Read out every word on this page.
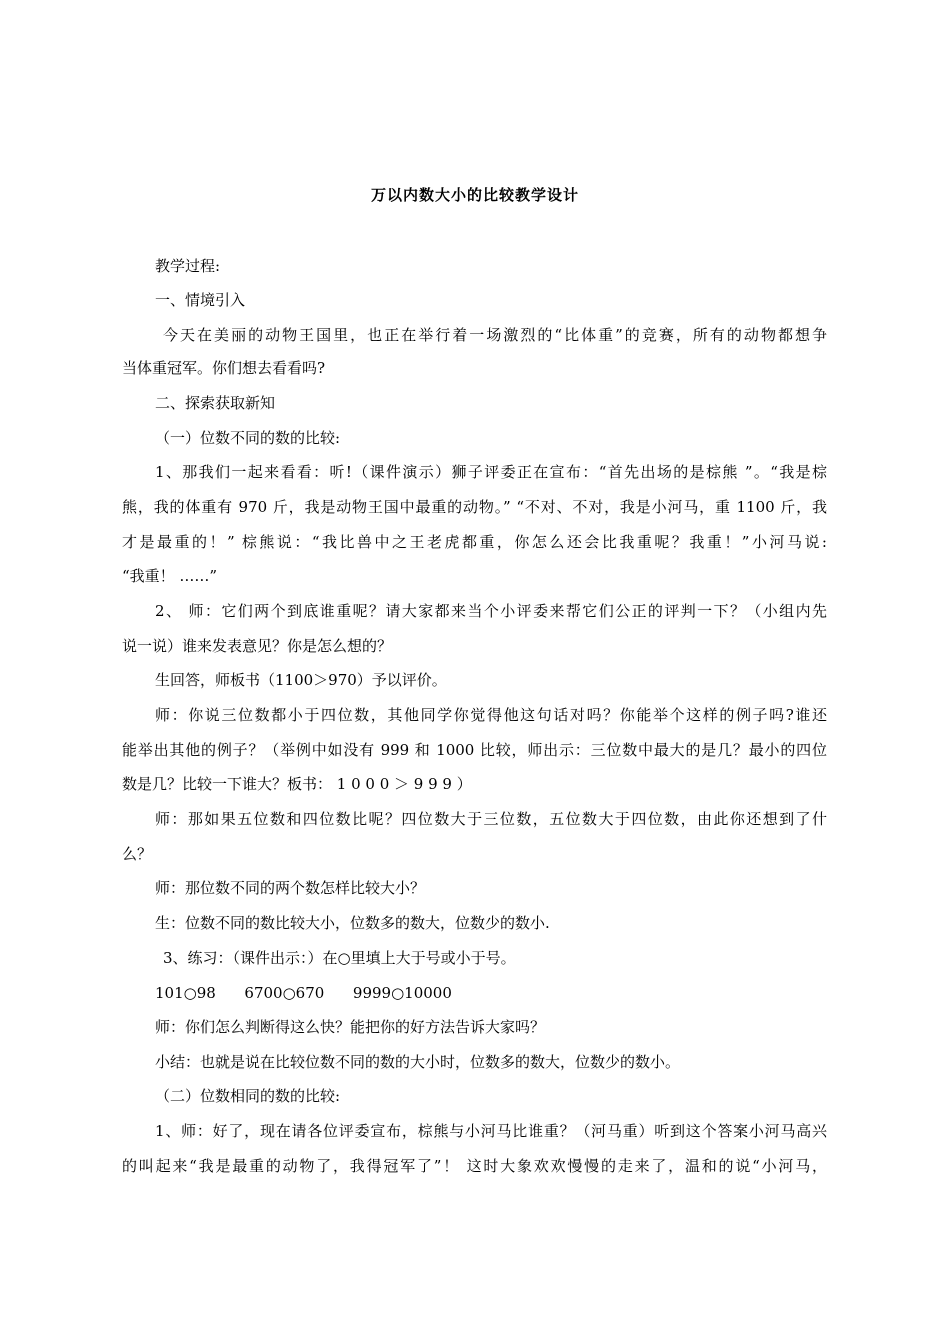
万以内数大小的比较教学设计
教学过程:
一、情境引入
今天在美丽的动物王国里，也正在举行着一场激烈的“比体重”的竞赛，所有的动物都想争
当体重冠军。你们想去看看吗?
二、探索获取新知
（一）位数不同的数的比较:
1、那我们一起来看看：听!（课件演示）狮子评委正在宣布：“首先出场的是棕熊 ”。“我是棕
熊，我的体重有 970 斤，我是动物王国中最重的动物。” “不对、不对，我是小河马，重 1100 斤，我
才是最重的！” 棕熊说：“我比兽中之王老虎都重，你怎么还会比我重呢？我重！”小河马说:
“我重！ ……”
2、 师：它们两个到底谁重呢？请大家都来当个小评委来帮它们公正的评判一下？（小组内先
说一说）谁来发表意见？你是怎么想的？
生回答，师板书（1100＞970）予以评价。
师：你说三位数都小于四位数，其他同学你觉得他这句话对吗？你能举个这样的例子吗?谁还
能举出其他的例子？（举例中如没有 999 和 1000 比较，师出示：三位数中最大的是几？最小的四位
数是几？比较一下谁大？板书： 1 0 0 0 ＞ 9 9 9 ）
师：那如果五位数和四位数比呢？四位数大于三位数，五位数大于四位数，由此你还想到了什
么？
师：那位数不同的两个数怎样比较大小？
生：位数不同的数比较大小，位数多的数大，位数少的数小.
3、练习：（课件出示：）在○里填上大于号或小于号。
101○98      6700○670      9999○10000
师：你们怎么判断得这么快？能把你的好方法告诉大家吗？
小结：也就是说在比较位数不同的数的大小时，位数多的数大，位数少的数小。
（二）位数相同的数的比较:
1、师：好了，现在请各位评委宣布，棕熊与小河马比谁重？（河马重）听到这个答案小河马高兴
的叫起来“我是最重的动物了，我得冠军了”！ 这时大象欢欢慢慢的走来了，温和的说“小河马，
